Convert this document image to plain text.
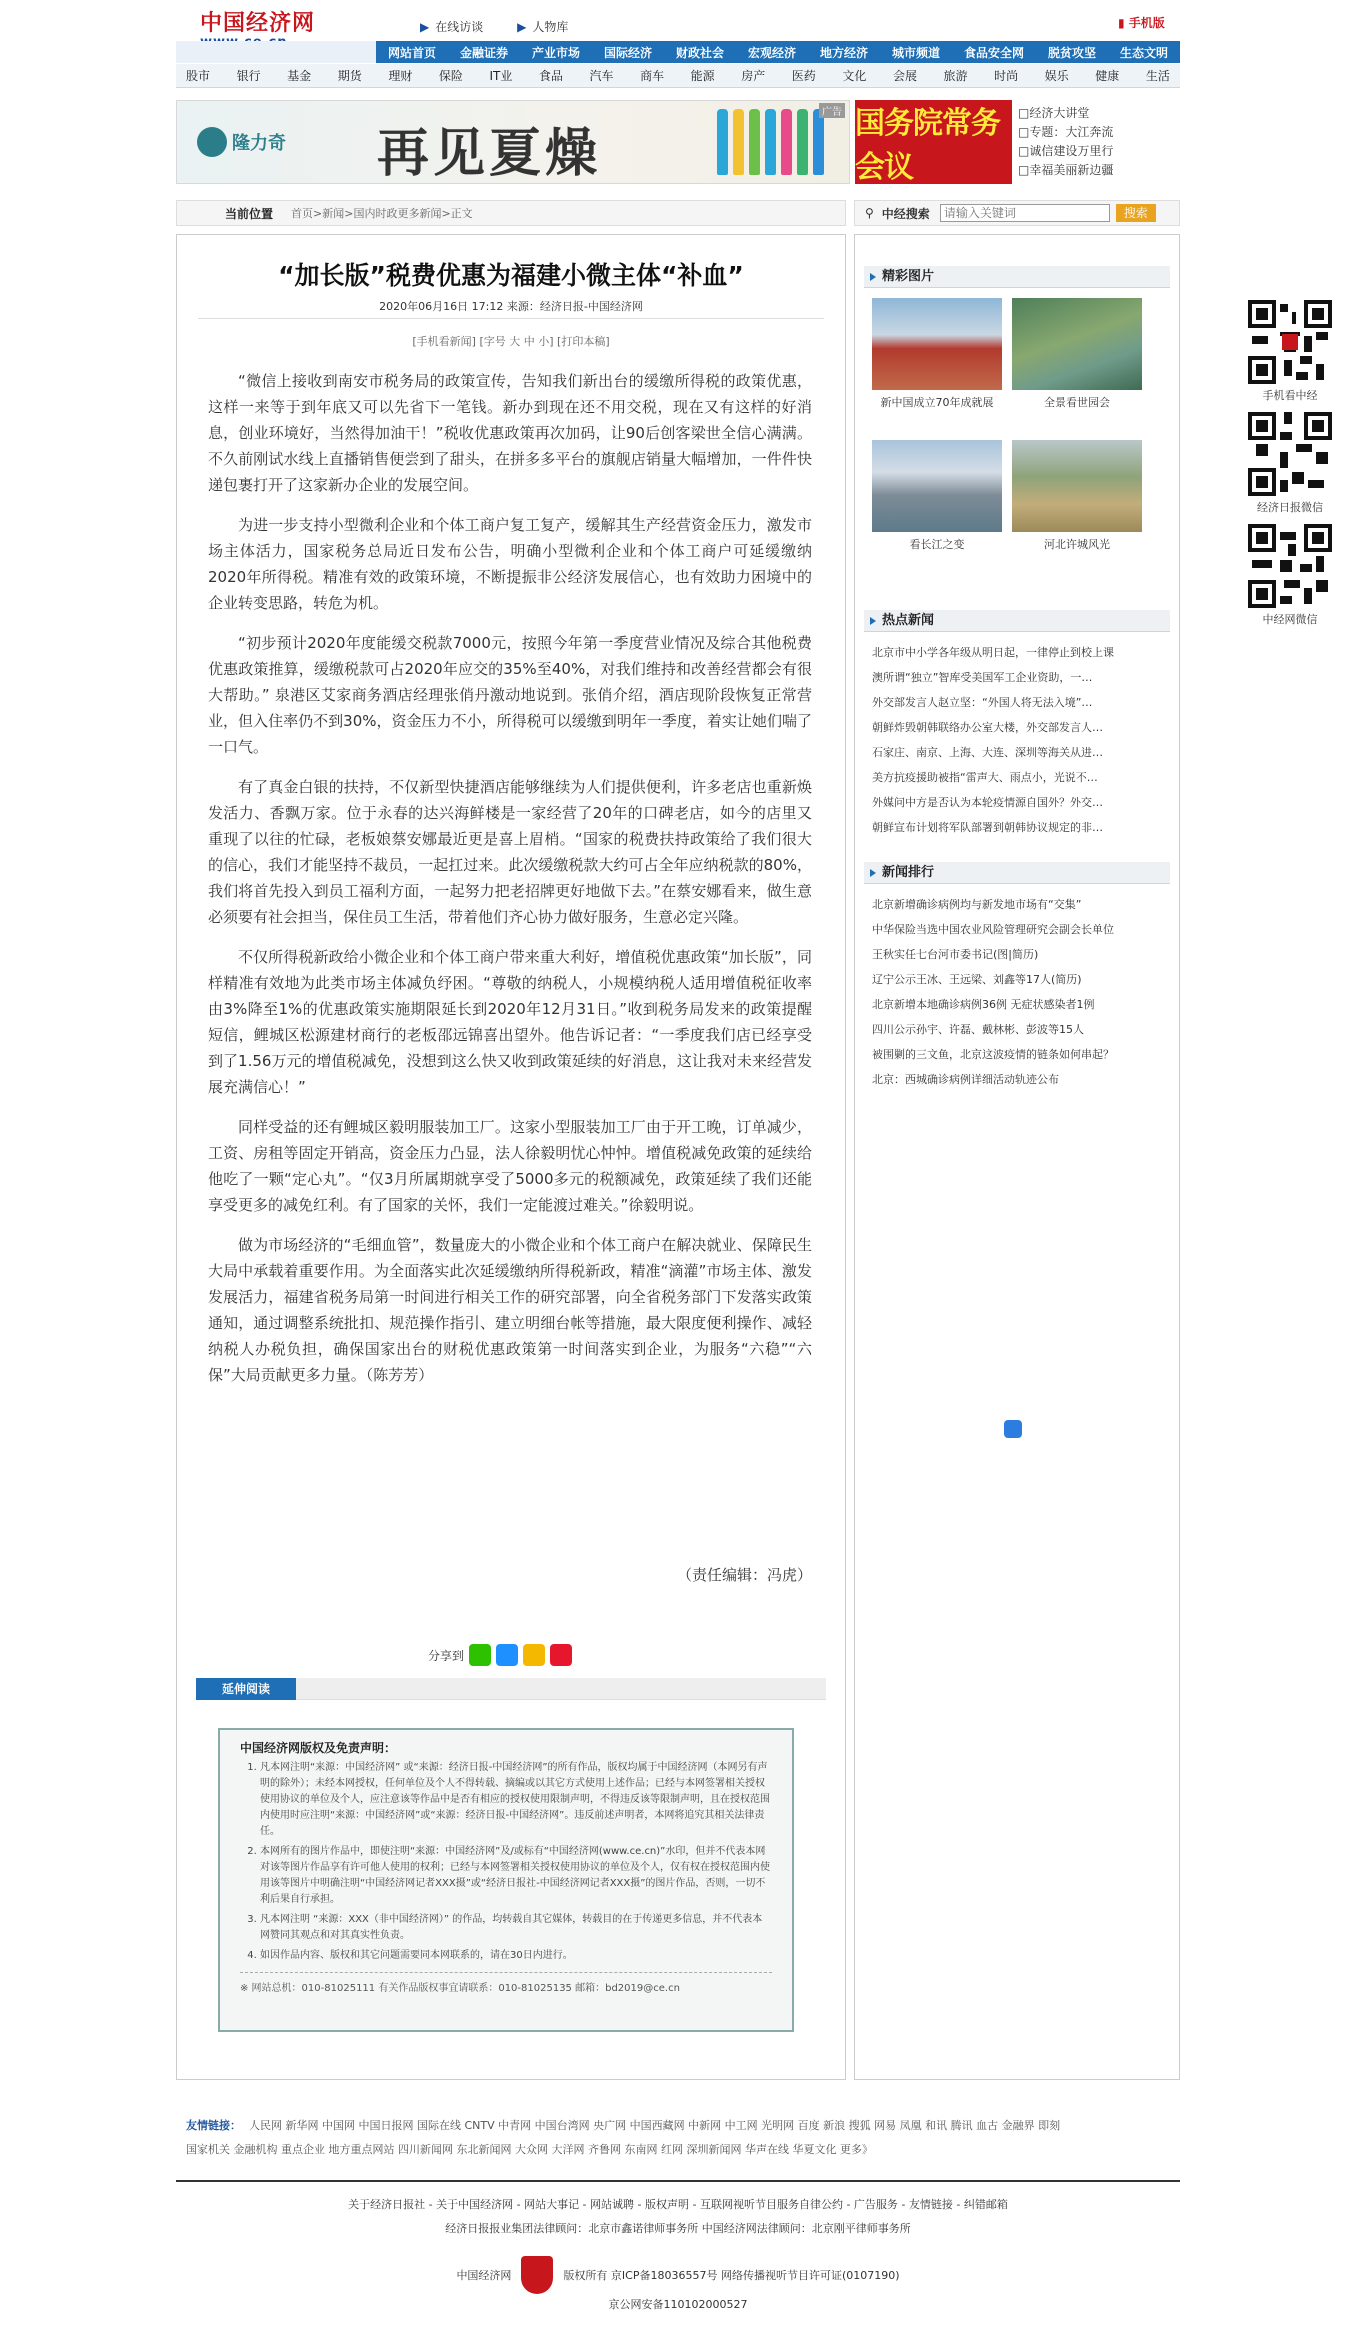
中国经济网	▶ 在线访谈	▶ 人物库	▮ 手机版
网站首页 金融证券 产业市场 国际经济 财政社会 宏观经济 地方经济 城市频道 食品安全网 脱贫攻坚 生态文明
股市 银行 基金 期货 理财 保险 IT业 食品 汽车 商车 能源 房产 医药 文化 会展 旅游 时尚 娱乐 健康 生活
隆力奇 再见夏燥
广告 国务院常务会议
□经济大讲堂
□专题：大江奔流
□诚信建设万里行
□幸福美丽新边疆
当前位置 首页 > 新闻 > 国内时政更多新闻 > 正文	⚲ 中经搜索
请输入关键词	搜索
“加长版”税费优惠为福建小微主体“补血”
2020年06月16日 17:12 来源：经济日报-中国经济网
[手机看新闻] [字号 大 中 小] [打印本稿]

“微信上接收到南安市税务局的政策宣传，告知我们新出台的缓缴所得税的政策优惠，这样一来等于到年底又可以先省下一笔钱。新办到现在还不用交税，现在又有这样的好消息，创业环境好，当然得加油干！”税收优惠政策再次加码，让90后创客梁世全信心满满。不久前刚试水线上直播销售便尝到了甜头，在拼多多平台的旗舰店销量大幅增加，一件件快递包裹打开了这家新办企业的发展空间。

为进一步支持小型微利企业和个体工商户复工复产，缓解其生产经营资金压力，激发市场主体活力，国家税务总局近日发布公告，明确小型微利企业和个体工商户可延缓缴纳2020年所得税。精准有效的政策环境，不断提振非公经济发展信心，也有效助力困境中的企业转变思路，转危为机。

“初步预计2020年度能缓交税款7000元，按照今年第一季度营业情况及综合其他税费优惠政策推算，缓缴税款可占2020年应交的35%至40%，对我们维持和改善经营都会有很大帮助。” 泉港区艾家商务酒店经理张俏丹激动地说到。张俏介绍，酒店现阶段恢复正常营业，但入住率仍不到30%，资金压力不小，所得税可以缓缴到明年一季度，着实让她们喘了一口气。

有了真金白银的扶持，不仅新型快捷酒店能够继续为人们提供便利，许多老店也重新焕发活力、香飘万家。位于永春的达兴海鲜楼是一家经营了20年的口碑老店，如今的店里又重现了以往的忙碌，老板娘蔡安娜最近更是喜上眉梢。“国家的税费扶持政策给了我们很大的信心，我们才能坚持不裁员，一起扛过来。此次缓缴税款大约可占全年应纳税款的80%，我们将首先投入到员工福利方面，一起努力把老招牌更好地做下去。”在蔡安娜看来，做生意必须要有社会担当，保住员工生活，带着他们齐心协力做好服务，生意必定兴隆。

不仅所得税新政给小微企业和个体工商户带来重大利好，增值税优惠政策“加长版”，同样精准有效地为此类市场主体减负纾困。“尊敬的纳税人，小规模纳税人适用增值税征收率由3%降至1%的优惠政策实施期限延长到2020年12月31日。”收到税务局发来的政策提醒短信，鲤城区松源建材商行的老板邵远锦喜出望外。他告诉记者：“一季度我们店已经享受到了1.56万元的增值税减免，没想到这么快又收到政策延续的好消息，这让我对未来经营发展充满信心！”

同样受益的还有鲤城区毅明服装加工厂。这家小型服装加工厂由于开工晚，订单减少，工资、房租等固定开销高，资金压力凸显，法人徐毅明忧心忡忡。增值税减免政策的延续给他吃了一颗“定心丸”。“仅3月所属期就享受了5000多元的税额减免，政策延续了我们还能享受更多的减免红利。有了国家的关怀，我们一定能渡过难关。”徐毅明说。

做为市场经济的“毛细血管”，数量庞大的小微企业和个体工商户在解决就业、保障民生大局中承载着重要作用。为全面落实此次延缓缴纳所得税新政，精准“滴灌”市场主体、激发发展活力，福建省税务局第一时间进行相关工作的研究部署，向全省税务部门下发落实政策通知，通过调整系统批扣、规范操作指引、建立明细台帐等措施，最大限度便利操作、减轻纳税人办税负担，确保国家出台的财税优惠政策第一时间落实到企业，为服务“六稳”“六保”大局贡献更多力量。（陈芳芳）

（责任编辑：冯虎）
分享到
延伸阅读
中国经济网版权及免责声明：
1. 凡本网注明“来源：中国经济网” 或“来源：经济日报-中国经济网”的所有作品，版权均属于中国经济网（本网另有声明的除外）；未经本网授权，任何单位及个人不得转载、摘编或以其它方式使用上述作品；已经与本网签署相关授权使用协议的单位及个人，应注意该等作品中是否有相应的授权使用限制声明，不得违反该等限制声明，且在授权范围内使用时应注明“来源：中国经济网”或“来源：经济日报-中国经济网”。违反前述声明者，本网将追究其相关法律责任。
2. 本网所有的图片作品中，即使注明“来源：中国经济网”及/或标有“中国经济网(www.ce.cn)”水印，但并不代表本网对该等图片作品享有许可他人使用的权利；已经与本网签署相关授权使用协议的单位及个人，仅有权在授权范围内使用该等图片中明确注明“中国经济网记者XXX摄”或“经济日报社-中国经济网记者XXX摄”的图片作品，否则，一切不利后果自行承担。
3. 凡本网注明 “来源：XXX（非中国经济网）” 的作品，均转载自其它媒体，转载目的在于传递更多信息，并不代表本网赞同其观点和对其真实性负责。
4. 如因作品内容、版权和其它问题需要同本网联系的，请在30日内进行。
※ 网站总机：010-81025111 有关作品版权事宜请联系：010-81025135 邮箱：bd2019@ce.cn
精彩图片
新中国成立70年成就展	全景看世园会
看长江之变	河北许城风光
热点新闻
北京市中小学各年级从明日起，一律停止到校上课
澳所谓“独立”智库受美国军工企业资助，一…
外交部发言人赵立坚：“外国人将无法入境”…
朝鲜炸毁朝韩联络办公室大楼，外交部发言人…
石家庄、南京、上海、大连、深圳等海关从进…
美方抗疫援助被指“雷声大、雨点小，光说不…
外媒问中方是否认为本轮疫情源自国外？外交…
朝鲜宣布计划将军队部署到朝韩协议规定的非…
新闻排行
北京新增确诊病例均与新发地市场有“交集”
中华保险当选中国农业风险管理研究会副会长单位
王秋实任七台河市委书记(图|简历)
辽宁公示王冰、王远梁、刘鑫等17人(简历)
北京新增本地确诊病例36例 无症状感染者1例
四川公示孙宇、许磊、戴林彬、彭波等15人
被围剿的三文鱼，北京这波疫情的链条如何串起？
北京：西城确诊病例详细活动轨迹公布
手机看中经
经济日报微信
中经网微信
友情链接： 人民网 新华网 中国网 中国日报网 国际在线 CNTV 中青网 中国台湾网 央广网 中国西藏网 中新网 中工网 光明网 百度 新浪 搜狐 网易 凤凰 和讯 腾讯 血古 金融界 即刻
国家机关 金融机构 重点企业 地方重点网站 四川新闻网 东北新闻网 大众网 大洋网 齐鲁网 东南网 红网 深圳新闻网 华声在线 华夏文化 更多》
关于经济日报社 - 关于中国经济网 - 网站大事记 - 网站诚聘 - 版权声明 - 互联网视听节目服务自律公约 - 广告服务 - 友情链接 - 纠错邮箱
经济日报报业集团法律顾问：北京市鑫诺律师事务所 中国经济网法律顾问：北京刚平律师事务所
中国经济网	版权所有 京ICP备18036557号 网络传播视听节目许可证(0107190)
京公网安备110102000527
